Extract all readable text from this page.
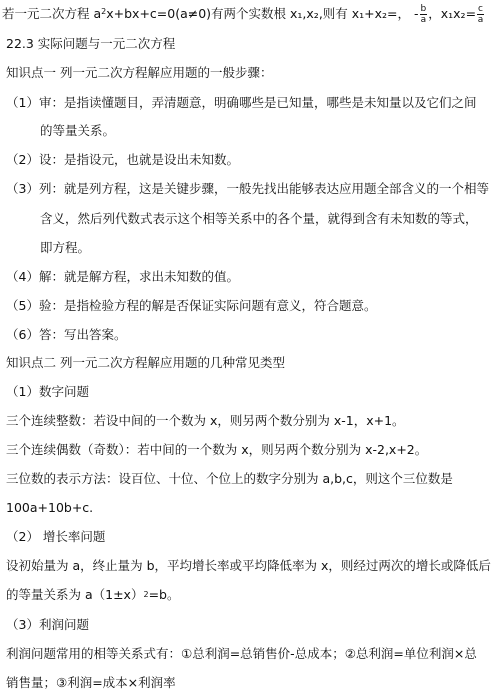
若一元二次方程 $a^2x+bx+c=0(a\ne 0)$有两个实数根 x₁,x₂,则有 x₁+x₂=， - $\frac{b}{a}$ ，$x_1x_2= \frac{c}{a}$
22.3 实际问题与一元二次方程
知识点一 列一元二次方程解应用题的一般步骤：
（1）审：是指读懂题目，弄清题意，明确哪些是已知量，哪些是未知量以及它们之间
的等量关系。
（2）设：是指设元，也就是设出未知数。
（3）列：就是列方程，这是关键步骤，一般先找出能够表达应用题全部含义的一个相等
含义，然后列代数式表示这个相等关系中的各个量，就得到含有未知数的等式，
即方程。
（4）解：就是解方程，求出未知数的值。
（5）验：是指检验方程的解是否保证实际问题有意义，符合题意。
（6）答：写出答案。
知识点二 列一元二次方程解应用题的几种常见类型
（1）数字问题
三个连续整数：若设中间的一个数为 x，则另两个数分别为 x-1，x+1。
三个连续偶数（奇数）：若中间的一个数为 x，则另两个数分别为 x-2,x+2。
三位数的表示方法：设百位、十位、个位上的数字分别为 a,b,c，则这个三位数是
100a+10b+c.
（2） 增长率问题
设初始量为 a，终止量为 b，平均增长率或平均降低率为 x，则经过两次的增长或降低后
的等量关系为 $a(1\pm x)^2=b$。
（3）利润问题
利润问题常用的相等关系式有：①总利润=总销售价-总成本；②总利润=单位利润×总
销售量；③利润=成本×利润率
